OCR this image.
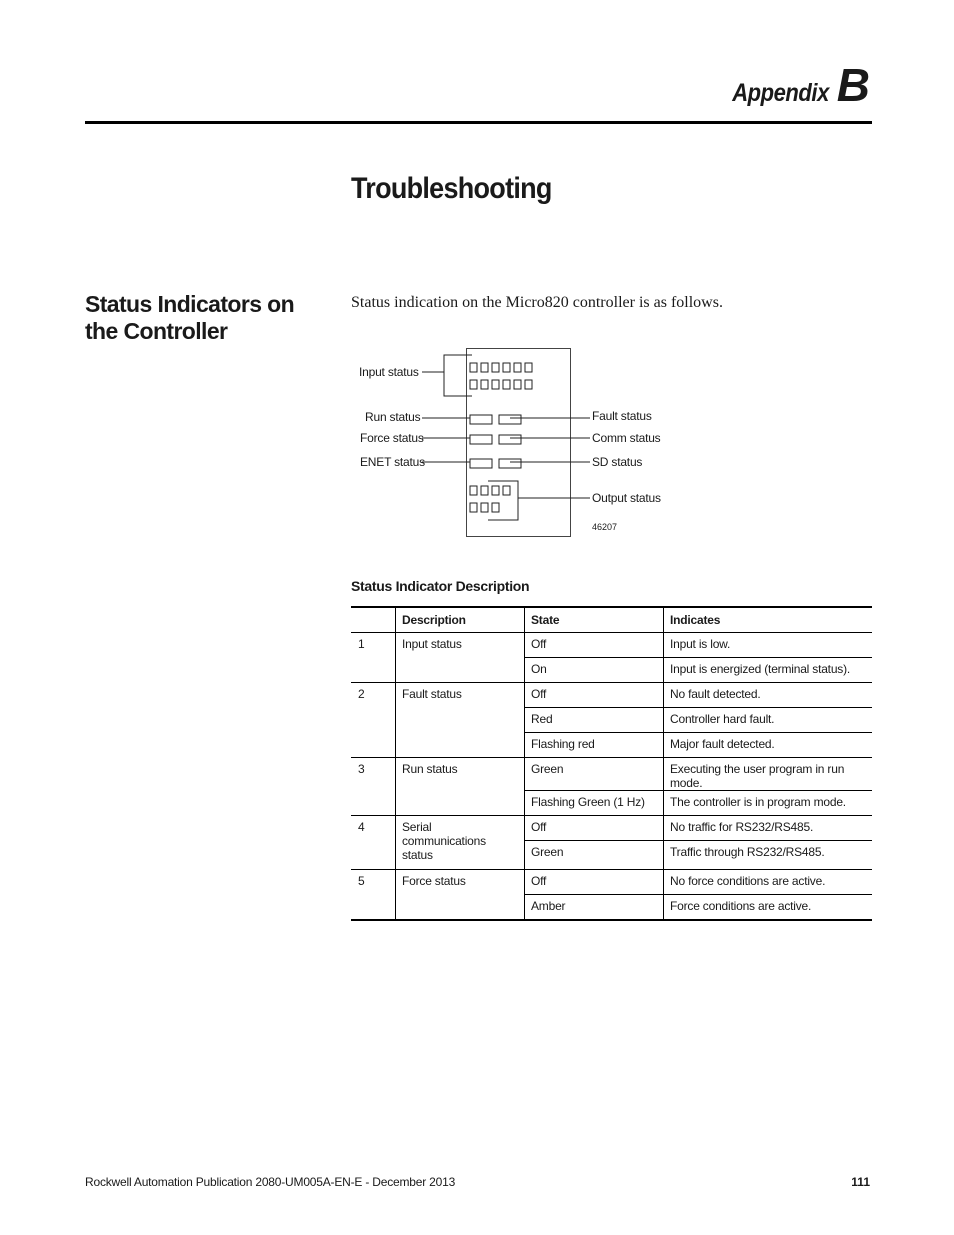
Appendix B
Troubleshooting
Status Indicators on the Controller

Status indication on the Micro820 controller is as follows.

Input status
Run status
Force status
ENET status
Fault status
Comm status
SD status
Output status
46207
Status Indicator Description
	Description	State	Indicates
1	Input status	Off	Input is low.
		On	Input is energized (terminal status).
2	Fault status	Off	No fault detected.
		Red	Controller hard fault.
		Flashing red	Major fault detected.
3	Run status	Green	Executing the user program in run mode.
		Flashing Green (1 Hz)	The controller is in program mode.
4	Serial communications status	Off	No traffic for RS232/RS485.
		Green	Traffic through RS232/RS485.
5	Force status	Off	No force conditions are active.
		Amber	Force conditions are active.
Rockwell Automation Publication 2080-UM005A-EN-E - December 2013	111
